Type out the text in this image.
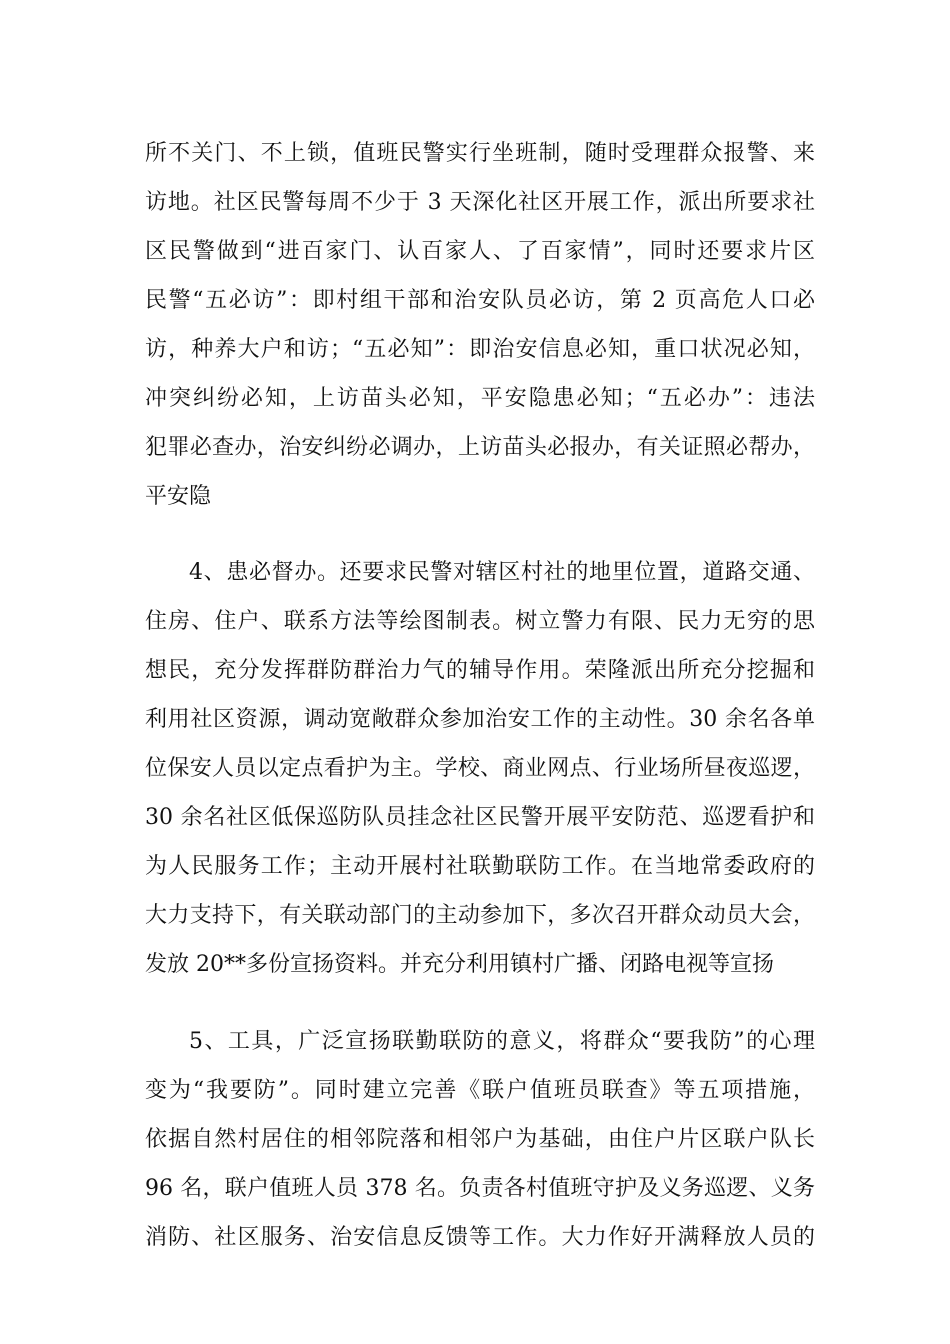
所不关门、不上锁，值班民警实行坐班制，随时受理群众报警、来
访地。社区民警每周不少于 3 天深化社区开展工作，派出所要求社
区民警做到“进百家门、认百家人、了百家情”，同时还要求片区
民警“五必访”：即村组干部和治安队员必访，第 2 页高危人口必
访，种养大户和访；“五必知”：即治安信息必知，重口状况必知，
冲突纠纷必知，上访苗头必知，平安隐患必知；“五必办”：违法
犯罪必查办，治安纠纷必调办，上访苗头必报办，有关证照必帮办，
平安隐
4、患必督办。还要求民警对辖区村社的地里位置，道路交通、
住房、住户、联系方法等绘图制表。树立警力有限、民力无穷的思
想民，充分发挥群防群治力气的辅导作用。荣隆派出所充分挖掘和
利用社区资源，调动宽敞群众参加治安工作的主动性。30 余名各单
位保安人员以定点看护为主。学校、商业网点、行业场所昼夜巡逻，
30 余名社区低保巡防队员挂念社区民警开展平安防范、巡逻看护和
为人民服务工作；主动开展村社联勤联防工作。在当地常委政府的
大力支持下，有关联动部门的主动参加下，多次召开群众动员大会，
发放 20**多份宣扬资料。并充分利用镇村广播、闭路电视等宣扬
5、工具，广泛宣扬联勤联防的意义，将群众“要我防”的心理
变为“我要防”。同时建立完善《联户值班员联查》等五项措施，
依据自然村居住的相邻院落和相邻户为基础，由住户片区联户队长
96 名，联户值班人员 378 名。负责各村值班守护及义务巡逻、义务
消防、社区服务、治安信息反馈等工作。大力作好开满释放人员的
